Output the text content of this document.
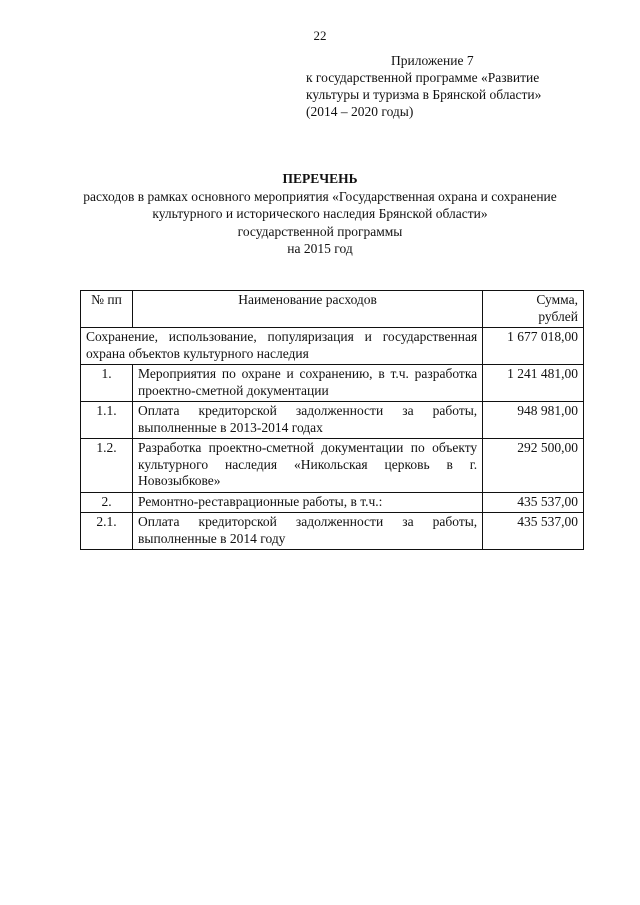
22
Приложение 7
к государственной программе «Развитие
культуры и туризма в Брянской области»
(2014 – 2020 годы)
ПЕРЕЧЕНЬ
расходов в рамках основного мероприятия «Государственная охрана и сохранение
культурного и исторического наследия Брянской области»
государственной программы
на 2015 год
№ пп	Наименование расходов	Сумма,
рублей

Сохранение, использование, популяризация и государственная охрана объектов культурного наследия		1 677 018,00
1.	Мероприятия по охране и сохранению, в т.ч. разработка проектно-сметной документации	1 241 481,00
1.1.	Оплата кредиторской задолженности за работы, выполненные в 2013-2014 годах	948 981,00
1.2.	Разработка проектно-сметной документации по объекту культурного наследия «Никольская церковь в г. Новозыбкове»	292 500,00
2.	Ремонтно-реставрационные работы, в т.ч.:	435 537,00
2.1.	Оплата кредиторской задолженности за работы, выполненные в 2014 году	435 537,00
